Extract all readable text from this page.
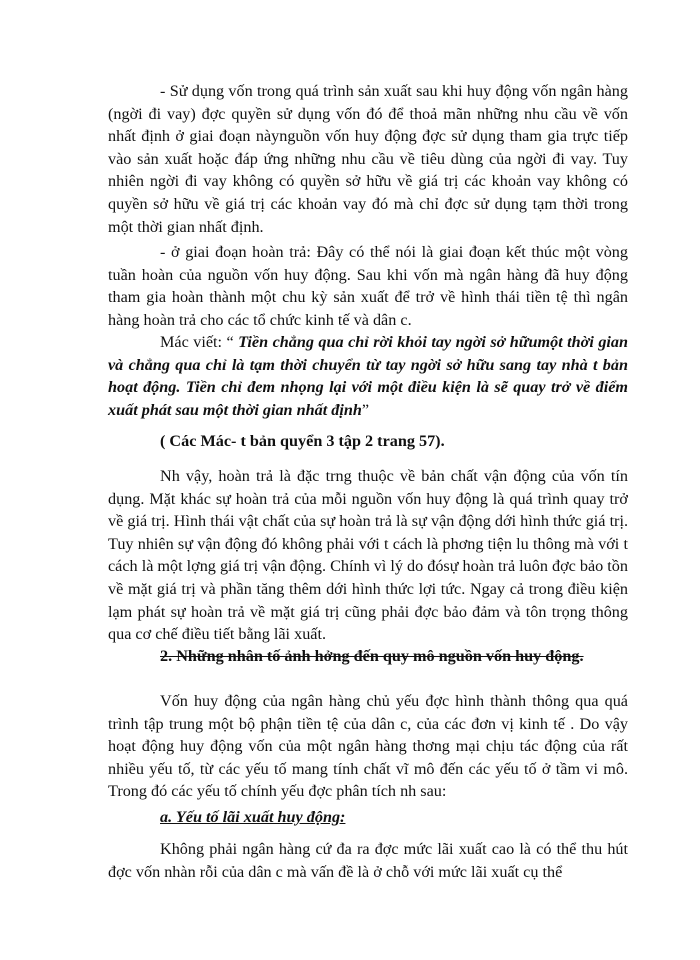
- Sử dụng vốn trong quá trình sản xuất sau khi huy động vốn ngân hàng (ngời đi vay) đợc quyền sử dụng vốn đó để thoả mãn những nhu cầu về vốn nhất định ở giai đoạn nàynguồn vốn huy động đợc sử dụng tham gia trực tiếp vào sản xuất hoặc đáp ứng những nhu cầu về tiêu dùng của ngời đi vay. Tuy nhiên ngời đi vay không có quyền sở hữu về giá trị các khoản vay không có quyền sở hữu về giá trị các khoản vay đó mà chỉ đợc sử dụng tạm thời trong một thời gian nhất định.

- ở giai đoạn hoàn trả: Đây có thể nói là giai đoạn kết thúc một vòng tuần hoàn của nguồn vốn huy động. Sau khi vốn mà ngân hàng đã huy động tham gia hoàn thành một chu kỳ sản xuất để trở về hình thái tiền tệ thì ngân hàng hoàn trả cho các tổ chức kinh tế và dân c.

Mác viết: “ Tiền chẳng qua chỉ rời khỏi tay ngời sở hữumột thời gian và chẳng qua chỉ là tạm thời chuyển từ tay ngời sở hữu sang tay nhà t bản hoạt động. Tiền chỉ đem nhọng lại với một điều kiện là sẽ quay trở về điểm xuất phát sau một thời gian nhất định”

( Các Mác- t bản quyển 3 tập 2 trang 57).

Nh vậy, hoàn trả là đặc trng thuộc về bản chất vận động của vốn tín dụng. Mặt khác sự hoàn trả của mỗi nguồn vốn huy động là quá trình quay trở về giá trị. Hình thái vật chất của sự hoàn trả là sự vận động dới hình thức giá trị. Tuy nhiên sự vận động đó không phải với t cách là phơng tiện lu thông mà với t cách là một lợng giá trị vận động. Chính vì lý do đósự hoàn trả luôn đợc bảo tồn về mặt giá trị và phần tăng thêm dới hình thức lợi tức. Ngay cả trong điều kiện lạm phát sự hoàn trả về mặt giá trị cũng phải đợc bảo đảm và tôn trọng thông qua cơ chế điều tiết bằng lãi xuất.

2. Những nhân tố ảnh hởng đến quy mô nguồn vốn huy động.

Vốn huy động của ngân hàng chủ yếu đợc hình thành thông qua quá trình tập trung một bộ phận tiền tệ của dân c, của các đơn vị kinh tế . Do vậy hoạt động huy động vốn của một ngân hàng thơng mại chịu tác động của rất nhiều yếu tố, từ các yếu tố mang tính chất vĩ mô đến các yếu tố ở tầm vi mô. Trong đó các yếu tố chính yếu đợc phân tích nh sau:

a. Yếu tố lãi xuất huy động:

Không phải ngân hàng cứ đa ra đợc mức lãi xuất cao là có thể thu hút đợc vốn nhàn rỗi của dân c mà vấn đề là ở chỗ với mức lãi xuất cụ thể
